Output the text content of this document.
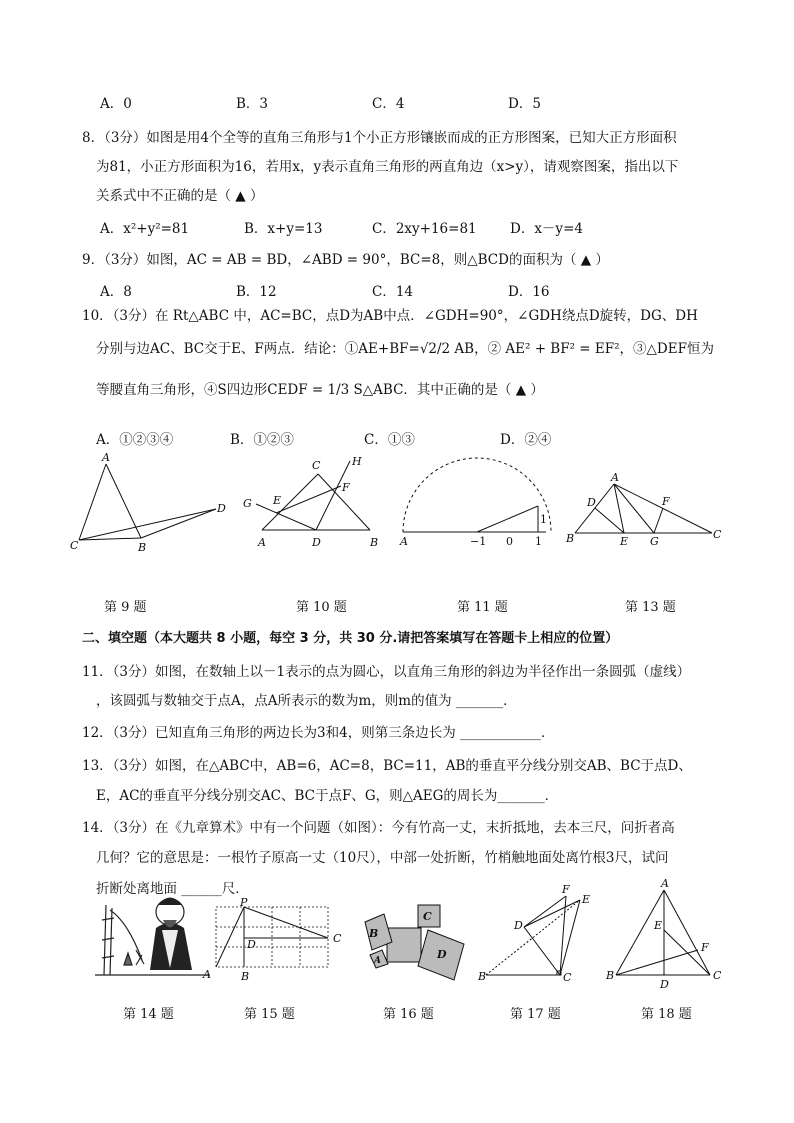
A．0	B．3	C．4	D．5
8．（3分）如图是用4个全等的直角三角形与1个小正方形镶嵌而成的正方形图案，已知大正方形面积
为81，小正方形面积为16，若用x，y表示直角三角形的两直角边（x>y），请观察图案，指出以下
关系式中不正确的是（ ▲ ）
A．x²+y²=81	B．x+y=13	C．2xy+16=81 D．x－y=4
9．（3分）如图，AC = AB = BD，∠ABD = 90°，BC=8，则△BCD的面积为（ ▲ ）
A．8	B．12	C．14	D．16
10．（3分）在 Rt△ABC 中，AC=BC，点D为AB中点．∠GDH=90°，∠GDH绕点D旋转，DG、DH
分别与边AC、BC交于E、F两点．结论：①AE+BF=√2/2 AB，② AE² + BF² = EF²，③△DEF恒为
等腰直角三角形，④S四边形CEDF = 1/3 S△ABC．其中正确的是（ ▲ ）
A．①②③④	B．①②③	C．①③	D．②④
A
C	B
D
C	H
F
G E
A	D	B A	−1 0 1
1
A
D	F
B	E G
C
第 9 题	第 10 题	第 11 题	第 13 题
二、填空题（本大题共 8 小题，每空 3 分，共 30 分.请把答案填写在答题卡上相应的位置）
11．（3分）如图，在数轴上以－1表示的点为圆心，以直角三角形的斜边为半径作出一条圆弧（虚线）
，该圆弧与数轴交于点A，点A所表示的数为m，则m的值为 _______．
12．（3分）已知直角三角形的两边长为3和4，则第三条边长为 ____________．
13．（3分）如图，在△ABC中，AB=6，AC=8，BC=11，AB的垂直平分线分别交AB、BC于点D、
E，AC的垂直平分线分别交AC、BC于点F、G，则△AEG的周长为_______．
14．（3分）在《九章算术》中有一个问题（如图）：今有竹高一丈，末折抵地，去本三尺，问折者高
几何？它的意思是：一根竹子原高一丈（10尺），中部一处折断，竹梢触地面处离竹根3尺，试问
折断处离地面 ______尺．
P
D	C
A	B
C
B
A	D
F
E
D
B	C
A
E
F
B
D
C
第 14 题	第 15 题	第 16 题	第 17 题	第 18 题
